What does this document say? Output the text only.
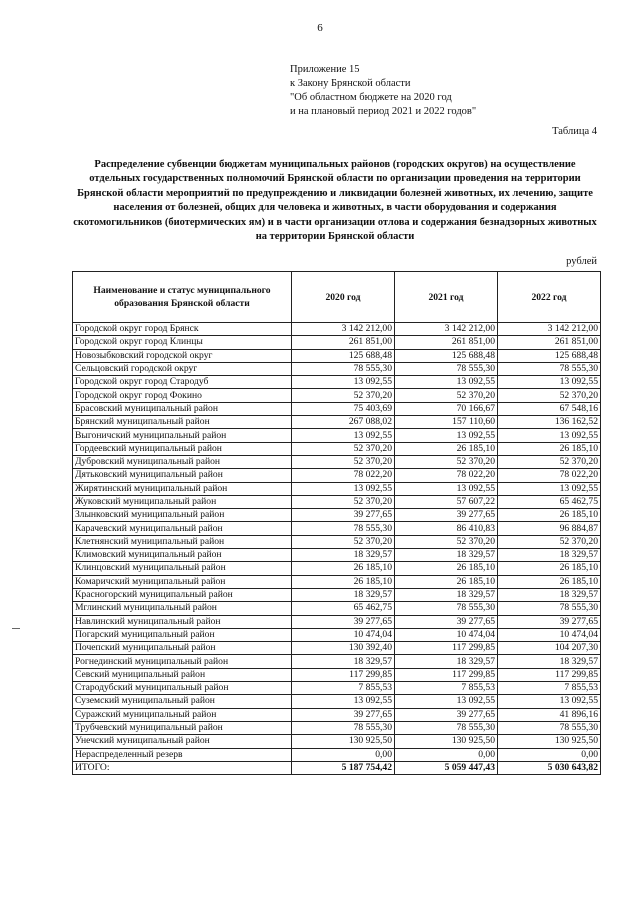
6
Приложение 15
к Закону Брянской области
"Об областном бюджете на 2020 год
и на плановый период 2021 и 2022 годов"
Таблица 4
Распределение субвенции бюджетам муниципальных районов (городских округов) на осуществление отдельных государственных полномочий Брянской области по организации проведения на территории Брянской области мероприятий по предупреждению и ликвидации болезней животных, их лечению, защите населения от болезней, общих для человека и животных, в части оборудования и содержания скотомогильников (биотермических ям) и в части организации отлова и содержания безнадзорных животных на территории Брянской области
рублей
Наименование и статус муниципального образования Брянской области	2020 год	2021 год	2022 год
Городской округ город Брянск	3 142 212,00	3 142 212,00	3 142 212,00
Городской округ город Клинцы	261 851,00	261 851,00	261 851,00
Новозыбковский городской округ	125 688,48	125 688,48	125 688,48
Сельцовский городской округ	78 555,30	78 555,30	78 555,30
Городской округ город Стародуб	13 092,55	13 092,55	13 092,55
Городской округ город Фокино	52 370,20	52 370,20	52 370,20
Брасовский муниципальный район	75 403,69	70 166,67	67 548,16
Брянский муниципальный район	267 088,02	157 110,60	136 162,52
Выгоничский муниципальный район	13 092,55	13 092,55	13 092,55
Гордеевский муниципальный район	52 370,20	26 185,10	26 185,10
Дубровский муниципальный район	52 370,20	52 370,20	52 370,20
Дятьковский муниципальный район	78 022,20	78 022,20	78 022,20
Жирятинский муниципальный район	13 092,55	13 092,55	13 092,55
Жуковский муниципальный район	52 370,20	57 607,22	65 462,75
Злынковский муниципальный район	39 277,65	39 277,65	26 185,10
Карачевский муниципальный район	78 555,30	86 410,83	96 884,87
Клетнянский муниципальный район	52 370,20	52 370,20	52 370,20
Климовский муниципальный район	18 329,57	18 329,57	18 329,57
Клинцовский муниципальный район	26 185,10	26 185,10	26 185,10
Комаричский муниципальный район	26 185,10	26 185,10	26 185,10
Красногорский муниципальный район	18 329,57	18 329,57	18 329,57
Мглинский муниципальный район	65 462,75	78 555,30	78 555,30
Навлинский муниципальный район	39 277,65	39 277,65	39 277,65
Погарский муниципальный район	10 474,04	10 474,04	10 474,04
Почепский муниципальный район	130 392,40	117 299,85	104 207,30
Рогнединский муниципальный район	18 329,57	18 329,57	18 329,57
Севский муниципальный район	117 299,85	117 299,85	117 299,85
Стародубский муниципальный район	7 855,53	7 855,53	7 855,53
Суземский муниципальный район	13 092,55	13 092,55	13 092,55
Суражский муниципальный район	39 277,65	39 277,65	41 896,16
Трубчевский муниципальный район	78 555,30	78 555,30	78 555,30
Унечский муниципальный район	130 925,50	130 925,50	130 925,50
Нераспределенный резерв	0,00	0,00	0,00
ИТОГО:	5 187 754,42	5 059 447,43	5 030 643,82
